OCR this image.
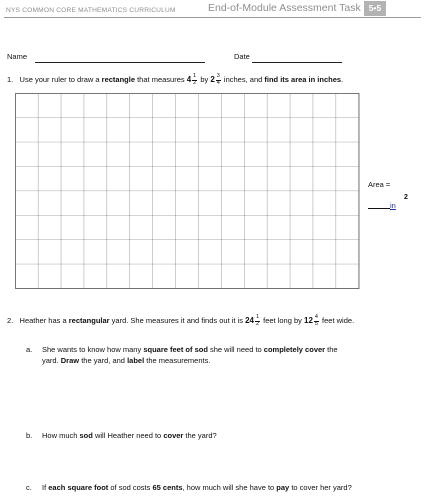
NYS COMMON CORE MATHEMATICS CURRICULUM	End-of-Module Assessment Task 5•5
Name	Date
1. Use your ruler to draw a rectangle that measures $4 \frac{1}{2}$ by $2 \frac{3}{4}$ inches, and find its area in inches.
Area =
in
2
2. Heather has a rectangular yard. She measures it and finds out it is $24 \frac{1}{2}$ feet long by $12 \frac{4}{5}$ feet wide.
a. She wants to know how many square feet of sod she will need to completely cover the
yard. Draw the yard, and label the measurements.
b. How much sod will Heather need to cover the yard?
c. If each square foot of sod costs 65 cents, how much will she have to pay to cover her yard?
